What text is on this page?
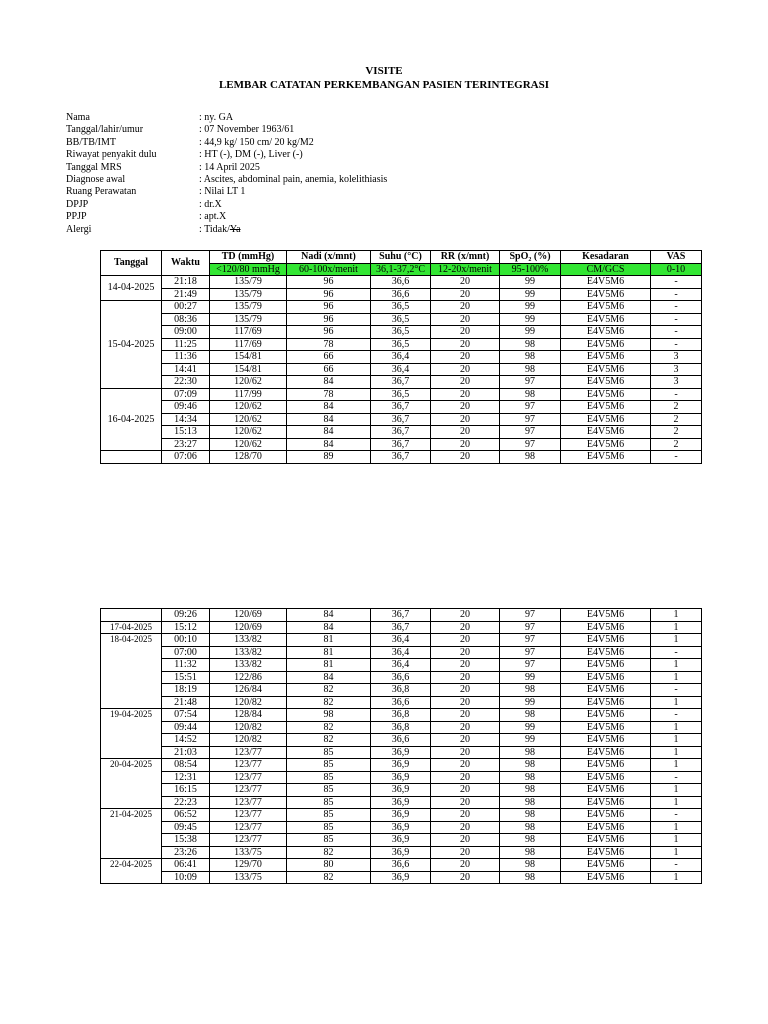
VISITE
LEMBAR CATATAN PERKEMBANGAN PASIEN TERINTEGRASI
Nama	: ny. GA
Tanggal/lahir/umur	: 07 November 1963/61
BB/TB/IMT	: 44,9 kg/ 150 cm/ 20 kg/M2
Riwayat penyakit dulu	: HT (-), DM (-), Liver (-)
Tanggal MRS	: 14 April 2025
Diagnose awal	: Ascites, abdominal pain, anemia, kolelithiasis
Ruang Perawatan	: Nilai LT 1
DPJP	: dr.X
PPJP	: apt.X
Alergi	: Tidak/Ya
Tanggal	Waktu	TD (mmHg)	Nadi (x/mnt)	Suhu (°C)	RR (x/mnt)	SpO₂ (%)	Kesadaran	VAS
		<120/80 mmHg	60-100x/menit	36,1-37,2°C	12-20x/menit	95-100%	CM/GCS	0-10
14-04-2025	21:18	135/79	96	36,6	20	99	E4V5M6	-
	21:49	135/79	96	36,6	20	99	E4V5M6	-
15-04-2025	00:27	135/79	96	36,5	20	99	E4V5M6	-
	08:36	135/79	96	36,5	20	99	E4V5M6	-
	09:00	117/69	96	36,5	20	99	E4V5M6	-
	11:25	117/69	78	36,5	20	98	E4V5M6	-
	11:36	154/81	66	36,4	20	98	E4V5M6	3
	14:41	154/81	66	36,4	20	98	E4V5M6	3
	22:30	120/62	84	36,7	20	97	E4V5M6	3
16-04-2025	07:09	117/99	78	36,5	20	98	E4V5M6	-
	09:46	120/62	84	36,7	20	97	E4V5M6	2
	14:34	120/62	84	36,7	20	97	E4V5M6	2
	15:13	120/62	84	36,7	20	97	E4V5M6	2
	23:27	120/62	84	36,7	20	97	E4V5M6	2
	07:06	128/70	89	36,7	20	98	E4V5M6	-
	09:26	120/69	84	36,7	20	97	E4V5M6	1
17-04-2025	15:12	120/69	84	36,7	20	97	E4V5M6	1
18-04-2025	00:10	133/82	81	36,4	20	97	E4V5M6	1
	07:00	133/82	81	36,4	20	97	E4V5M6	-
	11:32	133/82	81	36,4	20	97	E4V5M6	1
	15:51	122/86	84	36,6	20	99	E4V5M6	1
	18:19	126/84	82	36,8	20	98	E4V5M6	-
	21:48	120/82	82	36,6	20	99	E4V5M6	1
19-04-2025	07:54	128/84	98	36,8	20	98	E4V5M6	-
	09:44	120/82	82	36,8	20	99	E4V5M6	1
	14:52	120/82	82	36,6	20	99	E4V5M6	1
	21:03	123/77	85	36,9	20	98	E4V5M6	1
20-04-2025	08:54	123/77	85	36,9	20	98	E4V5M6	1
	12:31	123/77	85	36,9	20	98	E4V5M6	-
	16:15	123/77	85	36,9	20	98	E4V5M6	1
	22:23	123/77	85	36,9	20	98	E4V5M6	1
21-04-2025	06:52	123/77	85	36,9	20	98	E4V5M6	-
	09:45	123/77	85	36,9	20	98	E4V5M6	1
	15:38	123/77	85	36,9	20	98	E4V5M6	1
	23:26	133/75	82	36,9	20	98	E4V5M6	1
22-04-2025	06:41	129/70	80	36,6	20	98	E4V5M6	-
	10:09	133/75	82	36,9	20	98	E4V5M6	1
